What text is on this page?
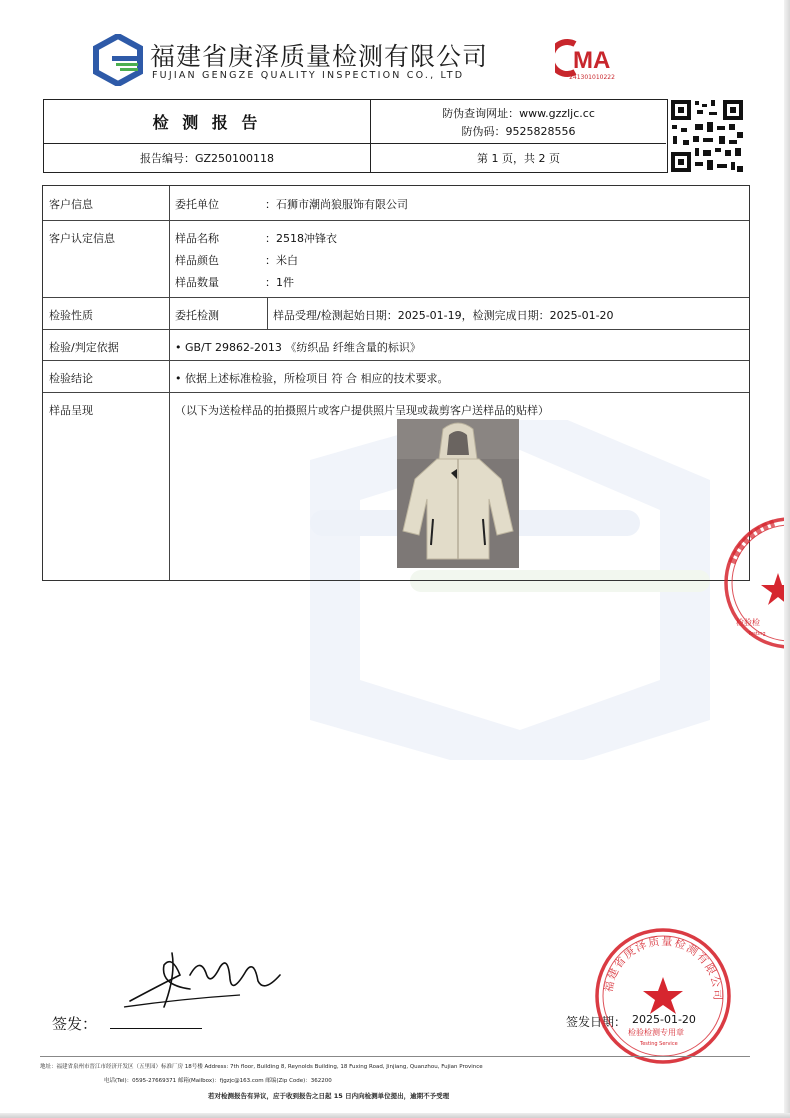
福建省庚泽质量检测有限公司
FUJIAN GENGZE QUALITY INSPECTION CO., LTD
MA
241301010222
检 测 报 告	防伪查询网址：www.gzzljc.cc
防伪码：9525828556
报告编号：GZ250100118	第 1 页，共 2 页
客户信息	委托单位	：石狮市潮尚狼服饰有限公司
客户认定信息	样品名称	：2518冲锋衣
样品颜色	：米白
样品数量	：1件
检验性质	委托检测	样品受理/检测起始日期：2025-01-19，检测完成日期：2025-01-20
检验/判定依据	• GB/T 29862-2013 《纺织品 纤维含量的标识》
检验结论	• 依据上述标准检验，所检项目 符 合 相应的技术要求。
样品呈现	（以下为送检样品的拍摄照片或客户提供照片呈现或裁剪客户送样品的贴样）
检验检
Testing
签发：	签发日期： 2025-01-20
福建省庚泽质量检测有限公司
检验检测专用章
Testing Service
地址：福建省泉州市晋江市经济开发区（五里园）标准厂房 18号楼 Address: 7th floor, Building 8, Reynolds Building, 18 Fuxing Road, Jinjiang, Quanzhou, Fujian Province
电话(Tel)：0595-27669371 邮箱(Mailbox)：fjgzjc@163.com 邮编(Zip Code)：362200
若对检测报告有异议，应于收到报告之日起 15 日内向检测单位提出，逾期不予受理
